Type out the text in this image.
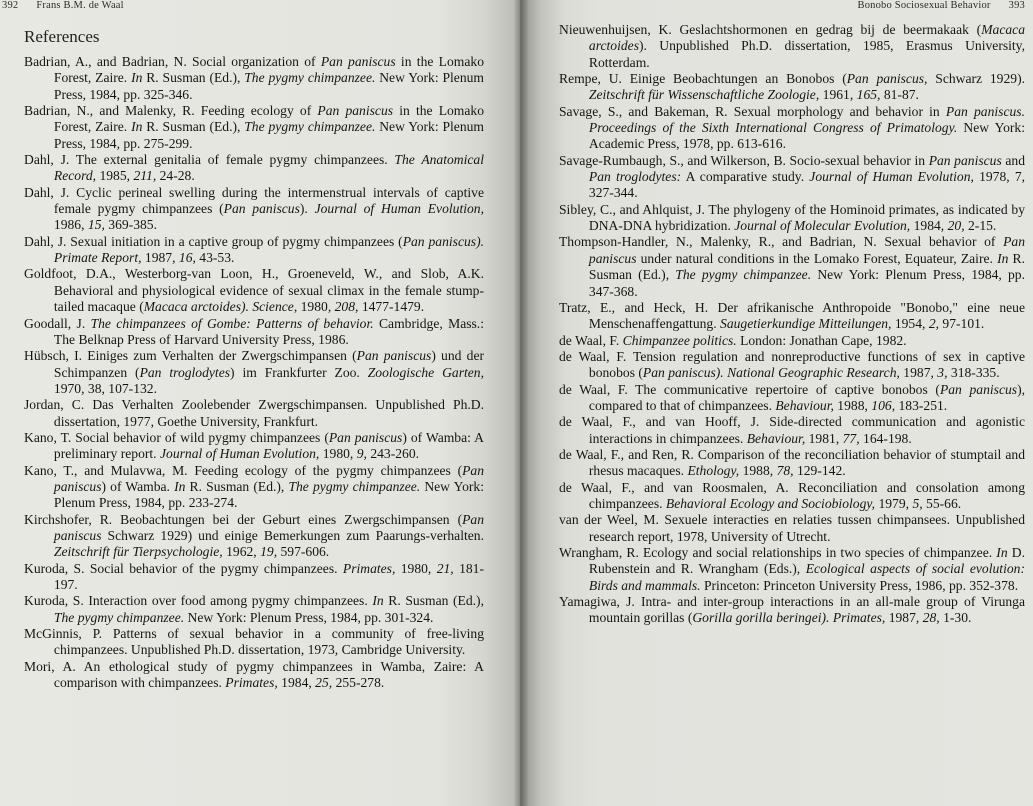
392 Frans B.M. de Waal
References
Badrian, A., and Badrian, N. Social organization of Pan paniscus in the Lomako Forest, Zaire. In R. Susman (Ed.), The pygmy chimpanzee. New York: Plenum Press, 1984, pp. 325-346.
Badrian, N., and Malenky, R. Feeding ecology of Pan paniscus in the Lomako Forest, Zaire. In R. Susman (Ed.), The pygmy chimpanzee. New York: Plenum Press, 1984, pp. 275-299.
Dahl, J. The external genitalia of female pygmy chimpanzees. The Anatomical Record, 1985, 211, 24-28.
Dahl, J. Cyclic perineal swelling during the intermenstrual intervals of captive female pygmy chimpanzees (Pan paniscus). Journal of Human Evolution, 1986, 15, 369-385.
Dahl, J. Sexual initiation in a captive group of pygmy chimpanzees (Pan paniscus). Primate Report, 1987, 16, 43-53.
Goldfoot, D.A., Westerborg-van Loon, H., Groeneveld, W., and Slob, A.K. Behavioral and physiological evidence of sexual climax in the female stump-tailed macaque (Macaca arctoides). Science, 1980, 208, 1477-1479.
Goodall, J. The chimpanzees of Gombe: Patterns of behavior. Cambridge, Mass.: The Belknap Press of Harvard University Press, 1986.
Hübsch, I. Einiges zum Verhalten der Zwergschimpansen (Pan paniscus) und der Schimpanzen (Pan troglodytes) im Frankfurter Zoo. Zoologische Garten, 1970, 38, 107-132.
Jordan, C. Das Verhalten Zoolebender Zwergschimpansen. Unpublished Ph.D. dissertation, 1977, Goethe University, Frankfurt.
Kano, T. Social behavior of wild pygmy chimpanzees (Pan paniscus) of Wamba: A preliminary report. Journal of Human Evolution, 1980, 9, 243-260.
Kano, T., and Mulavwa, M. Feeding ecology of the pygmy chimpanzees (Pan paniscus) of Wamba. In R. Susman (Ed.), The pygmy chimpanzee. New York: Plenum Press, 1984, pp. 233-274.
Kirchshofer, R. Beobachtungen bei der Geburt eines Zwergschimpansen (Pan paniscus Schwarz 1929) und einige Bemerkungen zum Paarungs-verhalten. Zeitschrift für Tierpsychologie, 1962, 19, 597-606.
Kuroda, S. Social behavior of the pygmy chimpanzees. Primates, 1980, 21, 181-197.
Kuroda, S. Interaction over food among pygmy chimpanzees. In R. Susman (Ed.), The pygmy chimpanzee. New York: Plenum Press, 1984, pp. 301-324.
McGinnis, P. Patterns of sexual behavior in a community of free-living chimpanzees. Unpublished Ph.D. dissertation, 1973, Cambridge University.
Mori, A. An ethological study of pygmy chimpanzees in Wamba, Zaire: A comparison with chimpanzees. Primates, 1984, 25, 255-278.
Bonobo Sociosexual Behavior 393
Nieuwenhuijsen, K. Geslachtshormonen en gedrag bij de beermakaak (Macaca arctoides). Unpublished Ph.D. dissertation, 1985, Erasmus University, Rotterdam.
Rempe, U. Einige Beobachtungen an Bonobos (Pan paniscus, Schwarz 1929). Zeitschrift für Wissenschaftliche Zoologie, 1961, 165, 81-87.
Savage, S., and Bakeman, R. Sexual morphology and behavior in Pan paniscus. Proceedings of the Sixth International Congress of Primatology. New York: Academic Press, 1978, pp. 613-616.
Savage-Rumbaugh, S., and Wilkerson, B. Socio-sexual behavior in Pan paniscus and Pan troglodytes: A comparative study. Journal of Human Evolution, 1978, 7, 327-344.
Sibley, C., and Ahlquist, J. The phylogeny of the Hominoid primates, as indicated by DNA-DNA hybridization. Journal of Molecular Evolution, 1984, 20, 2-15.
Thompson-Handler, N., Malenky, R., and Badrian, N. Sexual behavior of Pan paniscus under natural conditions in the Lomako Forest, Equateur, Zaire. In R. Susman (Ed.), The pygmy chimpanzee. New York: Plenum Press, 1984, pp. 347-368.
Tratz, E., and Heck, H. Der afrikanische Anthropoide "Bonobo," eine neue Menschenaffengattung. Saugetierkundige Mitteilungen, 1954, 2, 97-101.
de Waal, F. Chimpanzee politics. London: Jonathan Cape, 1982.
de Waal, F. Tension regulation and nonreproductive functions of sex in captive bonobos (Pan paniscus). National Geographic Research, 1987, 3, 318-335.
de Waal, F. The communicative repertoire of captive bonobos (Pan paniscus), compared to that of chimpanzees. Behaviour, 1988, 106, 183-251.
de Waal, F., and van Hooff, J. Side-directed communication and agonistic interactions in chimpanzees. Behaviour, 1981, 77, 164-198.
de Waal, F., and Ren, R. Comparison of the reconciliation behavior of stumptail and rhesus macaques. Ethology, 1988, 78, 129-142.
de Waal, F., and van Roosmalen, A. Reconciliation and consolation among chimpanzees. Behavioral Ecology and Sociobiology, 1979, 5, 55-66.
van der Weel, M. Sexuele interacties en relaties tussen chimpansees. Unpublished research report, 1978, University of Utrecht.
Wrangham, R. Ecology and social relationships in two species of chimpanzee. In D. Rubenstein and R. Wrangham (Eds.), Ecological aspects of social evolution: Birds and mammals. Princeton: Princeton University Press, 1986, pp. 352-378.
Yamagiwa, J. Intra- and inter-group interactions in an all-male group of Virunga mountain gorillas (Gorilla gorilla beringei). Primates, 1987, 28, 1-30.
